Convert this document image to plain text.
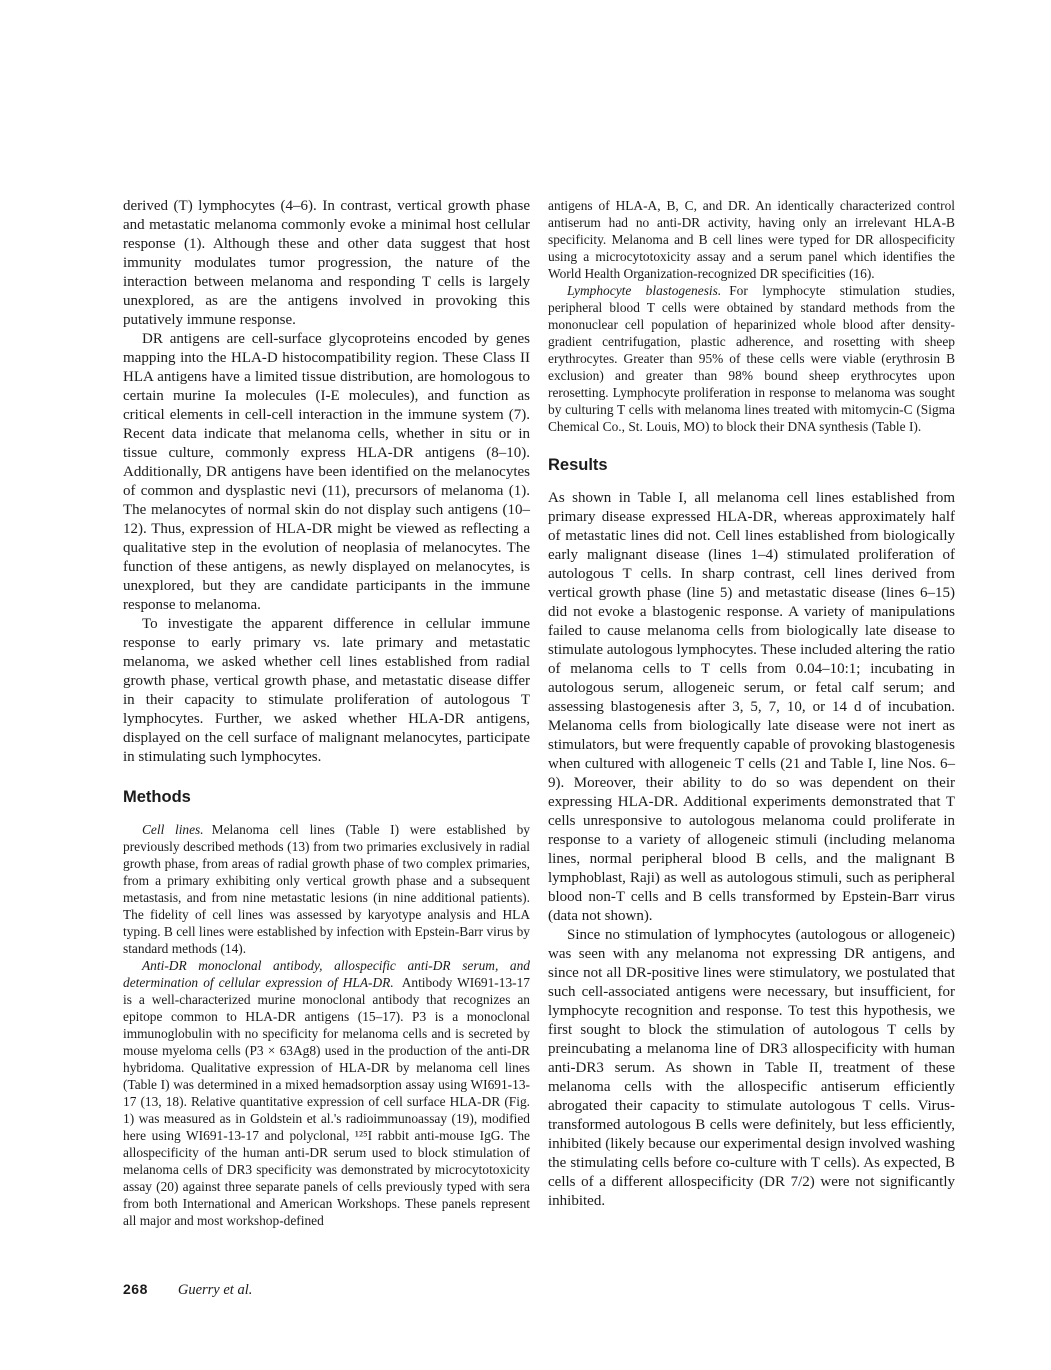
derived (T) lymphocytes (4–6). In contrast, vertical growth phase and metastatic melanoma commonly evoke a minimal host cellular response (1). Although these and other data suggest that host immunity modulates tumor progression, the nature of the interaction between melanoma and responding T cells is largely unexplored, as are the antigens involved in provoking this putatively immune response.

DR antigens are cell-surface glycoproteins encoded by genes mapping into the HLA-D histocompatibility region. These Class II HLA antigens have a limited tissue distribution, are homologous to certain murine Ia molecules (I-E molecules), and function as critical elements in cell-cell interaction in the immune system (7). Recent data indicate that melanoma cells, whether in situ or in tissue culture, commonly express HLA-DR antigens (8–10). Additionally, DR antigens have been identified on the melanocytes of common and dysplastic nevi (11), precursors of melanoma (1). The melanocytes of normal skin do not display such antigens (10–12). Thus, expression of HLA-DR might be viewed as reflecting a qualitative step in the evolution of neoplasia of melanocytes. The function of these antigens, as newly displayed on melanocytes, is unexplored, but they are candidate participants in the immune response to melanoma.

To investigate the apparent difference in cellular immune response to early primary vs. late primary and metastatic melanoma, we asked whether cell lines established from radial growth phase, vertical growth phase, and metastatic disease differ in their capacity to stimulate proliferation of autologous T lymphocytes. Further, we asked whether HLA-DR antigens, displayed on the cell surface of malignant melanocytes, participate in stimulating such lymphocytes.

Methods

Cell lines. Melanoma cell lines (Table I) were established by previously described methods (13) from two primaries exclusively in radial growth phase, from areas of radial growth phase of two complex primaries, from a primary exhibiting only vertical growth phase and a subsequent metastasis, and from nine metastatic lesions (in nine additional patients). The fidelity of cell lines was assessed by karyotype analysis and HLA typing. B cell lines were established by infection with Epstein-Barr virus by standard methods (14).

Anti-DR monoclonal antibody, allospecific anti-DR serum, and determination of cellular expression of HLA-DR. Antibody WI691-13-17 is a well-characterized murine monoclonal antibody that recognizes an epitope common to HLA-DR antigens (15–17). P3 is a monoclonal immunoglobulin with no specificity for melanoma cells and is secreted by mouse myeloma cells (P3 × 63Ag8) used in the production of the anti-DR hybridoma. Qualitative expression of HLA-DR by melanoma cell lines (Table I) was determined in a mixed hemadsorption assay using WI691-13-17 (13, 18). Relative quantitative expression of cell surface HLA-DR (Fig. 1) was measured as in Goldstein et al.'s radioimmunoassay (19), modified here using WI691-13-17 and polyclonal, ¹²⁵I rabbit anti-mouse IgG. The allospecificity of the human anti-DR serum used to block stimulation of melanoma cells of DR3 specificity was demonstrated by microcytotoxicity assay (20) against three separate panels of cells previously typed with sera from both International and American Workshops. These panels represent all major and most workshop-defined

antigens of HLA-A, B, C, and DR. An identically characterized control antiserum had no anti-DR activity, having only an irrelevant HLA-B specificity. Melanoma and B cell lines were typed for DR allospecificity using a microcytotoxicity assay and a serum panel which identifies the World Health Organization-recognized DR specificities (16).

Lymphocyte blastogenesis. For lymphocyte stimulation studies, peripheral blood T cells were obtained by standard methods from the mononuclear cell population of heparinized whole blood after density-gradient centrifugation, plastic adherence, and rosetting with sheep erythrocytes. Greater than 95% of these cells were viable (erythrosin B exclusion) and greater than 98% bound sheep erythrocytes upon rerosetting. Lymphocyte proliferation in response to melanoma was sought by culturing T cells with melanoma lines treated with mitomycin-C (Sigma Chemical Co., St. Louis, MO) to block their DNA synthesis (Table I).

Results

As shown in Table I, all melanoma cell lines established from primary disease expressed HLA-DR, whereas approximately half of metastatic lines did not. Cell lines established from biologically early malignant disease (lines 1–4) stimulated proliferation of autologous T cells. In sharp contrast, cell lines derived from vertical growth phase (line 5) and metastatic disease (lines 6–15) did not evoke a blastogenic response. A variety of manipulations failed to cause melanoma cells from biologically late disease to stimulate autologous lymphocytes. These included altering the ratio of melanoma cells to T cells from 0.04–10:1; incubating in autologous serum, allogeneic serum, or fetal calf serum; and assessing blastogenesis after 3, 5, 7, 10, or 14 d of incubation. Melanoma cells from biologically late disease were not inert as stimulators, but were frequently capable of provoking blastogenesis when cultured with allogeneic T cells (21 and Table I, line Nos. 6–9). Moreover, their ability to do so was dependent on their expressing HLA-DR. Additional experiments demonstrated that T cells unresponsive to autologous melanoma could proliferate in response to a variety of allogeneic stimuli (including melanoma lines, normal peripheral blood B cells, and the malignant B lymphoblast, Raji) as well as autologous stimuli, such as peripheral blood non-T cells and B cells transformed by Epstein-Barr virus (data not shown).

Since no stimulation of lymphocytes (autologous or allogeneic) was seen with any melanoma not expressing DR antigens, and since not all DR-positive lines were stimulatory, we postulated that such cell-associated antigens were necessary, but insufficient, for lymphocyte recognition and response. To test this hypothesis, we first sought to block the stimulation of autologous T cells by preincubating a melanoma line of DR3 allospecificity with human anti-DR3 serum. As shown in Table II, treatment of these melanoma cells with the allospecific antiserum efficiently abrogated their capacity to stimulate autologous T cells. Virus-transformed autologous B cells were definitely, but less efficiently, inhibited (likely because our experimental design involved washing the stimulating cells before co-culture with T cells). As expected, B cells of a different allospecificity (DR 7/2) were not significantly inhibited.

268 Guerry et al.
